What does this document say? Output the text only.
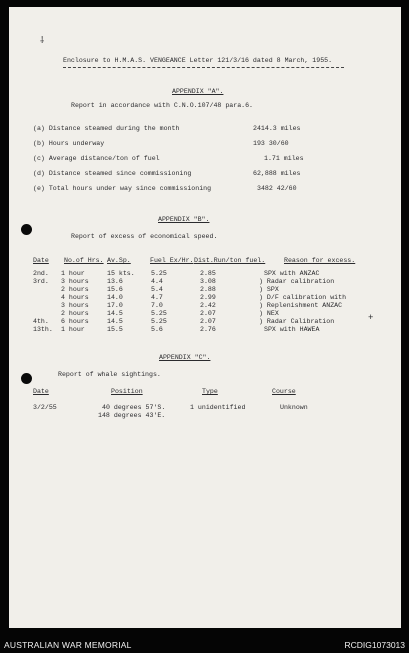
⸸
Enclosure to H.M.A.S. VENGEANCE Letter 121/3/16 dated 8 March, 1955.
APPENDIX "A".
Report in accordance with C.N.O.107/48 para.6.
(a) Distance steamed during the month	2414.3 miles
(b) Hours underway	193 30/60
(c) Average distance/ton of fuel	1.71 miles
(d) Distance steamed since commissioning	62,888 miles
(e) Total hours under way since commissioning	3482 42/60
APPENDIX "B".
Report of excess of economical speed.
Date No.of Hrs. Av.Sp.	Fuel Ex/Hr. Dist.Run/ton fuel.	Reason for excess.
2nd. 1 hour	15 kts. 5.25	2.85	SPX with ANZAC
3rd. 3 hours	13.6	4.4	3.08	) Radar calibration
2 hours	15.6	5.4	2.88	) SPX
4 hours	14.0	4.7	2.99	) D/F calibration with
3 hours	17.0	7.0	2.42	) Replenishment ANZAC
2 hours	14.5	5.25	2.07	) NEX
4th. 6 hours	14.5	5.25	2.07	) Radar Calibration
13th. 1 hour	15.5	5.6	2.76	SPX with HAWEA
+
APPENDIX "C".
Report of whale sightings.
Date	Position	Type	Course
3/2/55	40 degrees 57'S.
148 degrees 43'E.
1 unidentified	Unknown
AUSTRALIAN WAR MEMORIAL	RCDIG1073013
